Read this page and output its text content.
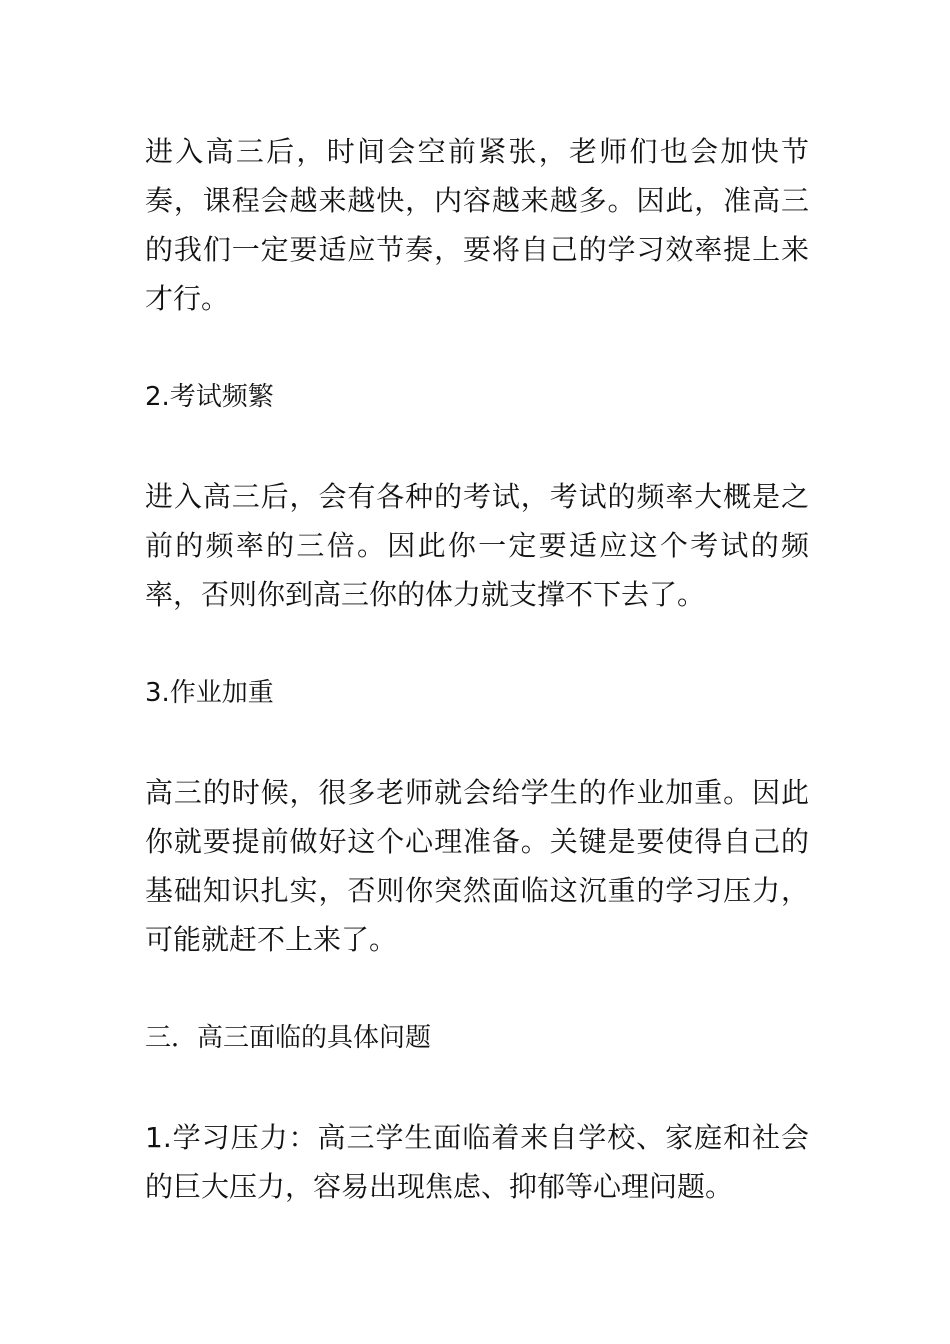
进入高三后，时间会空前紧张，老师们也会加快节奏，课程会越来越快，内容越来越多。因此，准高三的我们一定要适应节奏，要将自己的学习效率提上来才行。

2.考试频繁

进入高三后，会有各种的考试，考试的频率大概是之前的频率的三倍。因此你一定要适应这个考试的频率，否则你到高三你的体力就支撑不下去了。

3.作业加重

高三的时候，很多老师就会给学生的作业加重。因此你就要提前做好这个心理准备。关键是要使得自己的基础知识扎实，否则你突然面临这沉重的学习压力，可能就赶不上来了。

三．高三面临的具体问题

1.学习压力：高三学生面临着来自学校、家庭和社会的巨大压力，容易出现焦虑、抑郁等心理问题。
